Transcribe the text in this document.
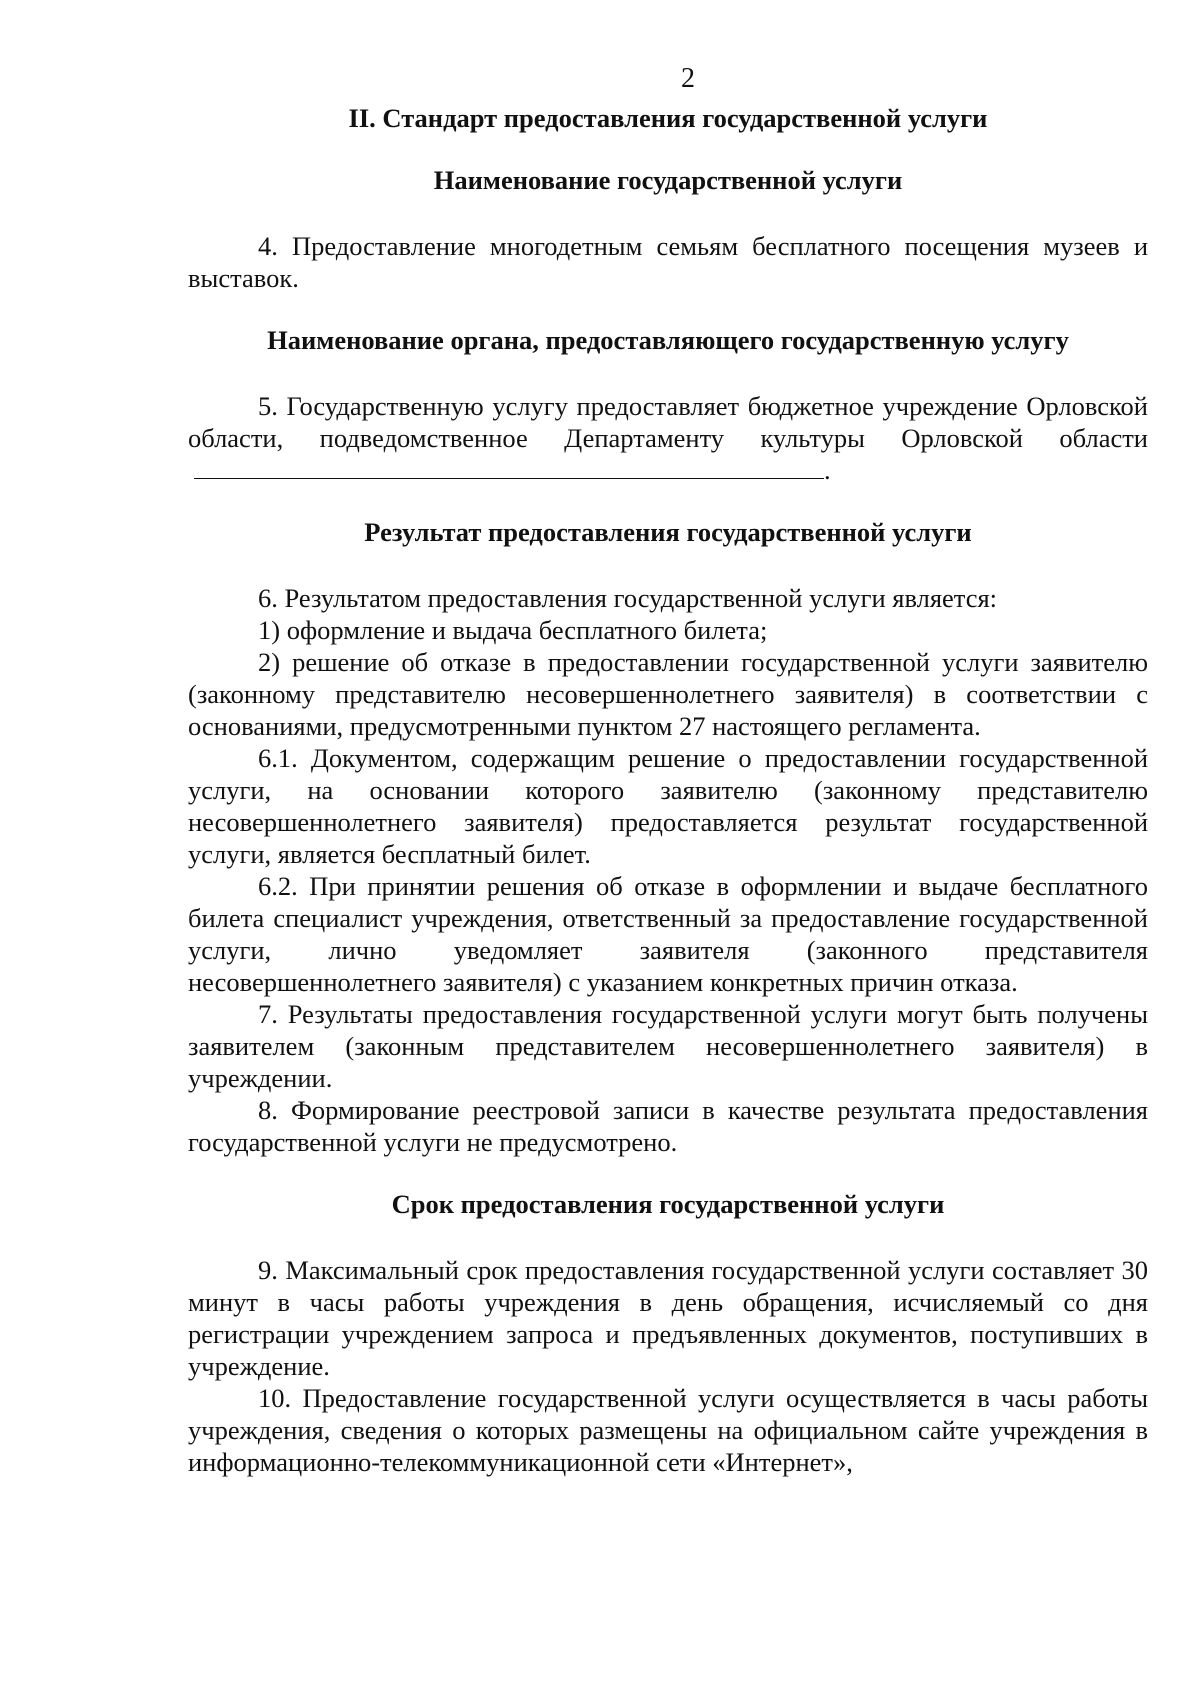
2
II. Стандарт предоставления государственной услуги
Наименование государственной услуги

4. Предоставление многодетным семьям бесплатного посещения музеев и выставок.

Наименование органа, предоставляющего государственную услугу

5. Государственную услугу предоставляет бюджетное учреждение Орловской области, подведомственное Департаменту культуры Орловской области.

Результат предоставления государственной услуги

6. Результатом предоставления государственной услуги является:

1) оформление и выдача бесплатного билета;

2) решение об отказе в предоставлении государственной услуги заявителю (законному представителю несовершеннолетнего заявителя) в соответствии с основаниями, предусмотренными пунктом 27 настоящего регламента.

6.1. Документом, содержащим решение о предоставлении государственной услуги, на основании которого заявителю (законному представителю несовершеннолетнего заявителя) предоставляется результат государственной услуги, является бесплатный билет.

6.2. При принятии решения об отказе в оформлении и выдаче бесплатного билета специалист учреждения, ответственный за предоставление государственной услуги, лично уведомляет заявителя (законного представителя несовершеннолетнего заявителя) с указанием конкретных причин отказа.

7. Результаты предоставления государственной услуги могут быть получены заявителем (законным представителем несовершеннолетнего заявителя) в учреждении.

8. Формирование реестровой записи в качестве результата предоставления государственной услуги не предусмотрено.

Срок предоставления государственной услуги

9. Максимальный срок предоставления государственной услуги составляет 30 минут в часы работы учреждения в день обращения, исчисляемый со дня регистрации учреждением запроса и предъявленных документов, поступивших в учреждение.

10. Предоставление государственной услуги осуществляется в часы работы учреждения, сведения о которых размещены на официальном сайте учреждения в информационно-телекоммуникационной сети «Интернет»,
